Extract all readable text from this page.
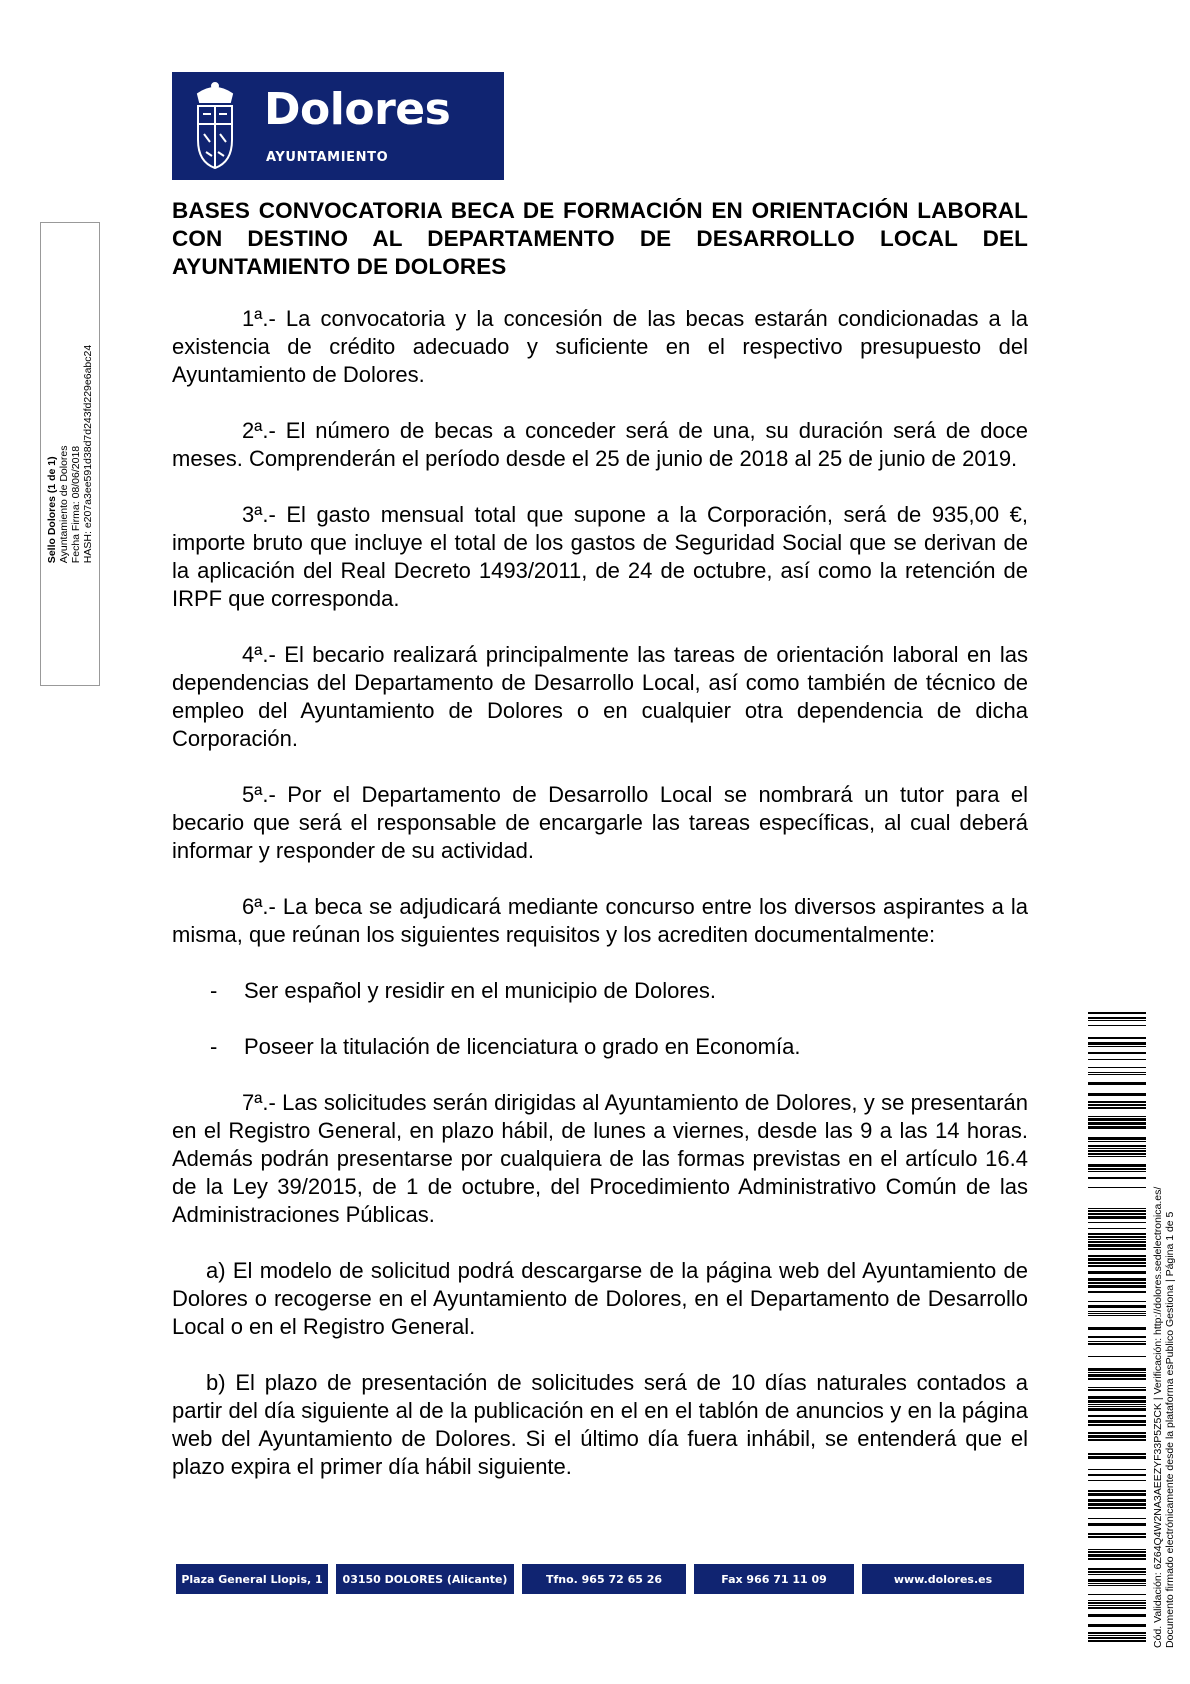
Dolores
AYUNTAMIENTO
Sello Dolores (1 de 1) Ayuntamiento de Dolores Fecha Firma: 08/06/2018 HASH: e207a3ee591d38d7d243fd229e6abc24
BASES CONVOCATORIA BECA DE FORMACIÓN EN ORIENTACIÓN LABORAL CON DESTINO AL DEPARTAMENTO DE DESARROLLO LOCAL DEL AYUNTAMIENTO DE DOLORES
1ª.- La convocatoria y la concesión de las becas estarán condicionadas a la existencia de crédito adecuado y suficiente en el respectivo presupuesto del Ayuntamiento de Dolores.
2ª.- El número de becas a conceder será de una, su duración será de doce meses. Comprenderán el período desde el 25 de junio de 2018 al 25 de junio de 2019.
3ª.- El gasto mensual total que supone a la Corporación, será de 935,00 €, importe bruto que incluye el total de los gastos de Seguridad Social que se derivan de la aplicación del Real Decreto 1493/2011, de 24 de octubre, así como la retención de IRPF que corresponda.
4ª.- El becario realizará principalmente las tareas de orientación laboral en las dependencias del Departamento de Desarrollo Local, así como también de técnico de empleo del Ayuntamiento de Dolores o en cualquier otra dependencia de dicha Corporación.
5ª.- Por el Departamento de Desarrollo Local se nombrará un tutor para el becario que será el responsable de encargarle las tareas específicas, al cual deberá informar y responder de su actividad.
6ª.- La beca se adjudicará mediante concurso entre los diversos aspirantes a la misma, que reúnan los siguientes requisitos y los acrediten documentalmente:
- Ser español y residir en el municipio de Dolores.
- Poseer la titulación de licenciatura o grado en Economía.
7ª.- Las solicitudes serán dirigidas al Ayuntamiento de Dolores, y se presentarán en el Registro General, en plazo hábil, de lunes a viernes, desde las 9 a las 14 horas. Además podrán presentarse por cualquiera de las formas previstas en el artículo 16.4 de la Ley 39/2015, de 1 de octubre, del Procedimiento Administrativo Común de las Administraciones Públicas.
a) El modelo de solicitud podrá descargarse de la página web del Ayuntamiento de Dolores o recogerse en el Ayuntamiento de Dolores, en el Departamento de Desarrollo Local o en el Registro General.
b) El plazo de presentación de solicitudes será de 10 días naturales contados a partir del día siguiente al de la publicación en el en el tablón de anuncios y en la página web del Ayuntamiento de Dolores. Si el último día fuera inhábil, se entenderá que el plazo expira el primer día hábil siguiente.
Plaza General Llopis, 1	03150 DOLORES (Alicante)	Tfno. 965 72 65 26	Fax 966 71 11 09	www.dolores.es	Cód. Validación: 6Z64Q4W2NA3AEEZYF33P5Z5CK | Verificación: http://dolores.sedelectronica.es/ Documento firmado electrónicamente desde la plataforma esPublico Gestiona | Página 1 de 5
